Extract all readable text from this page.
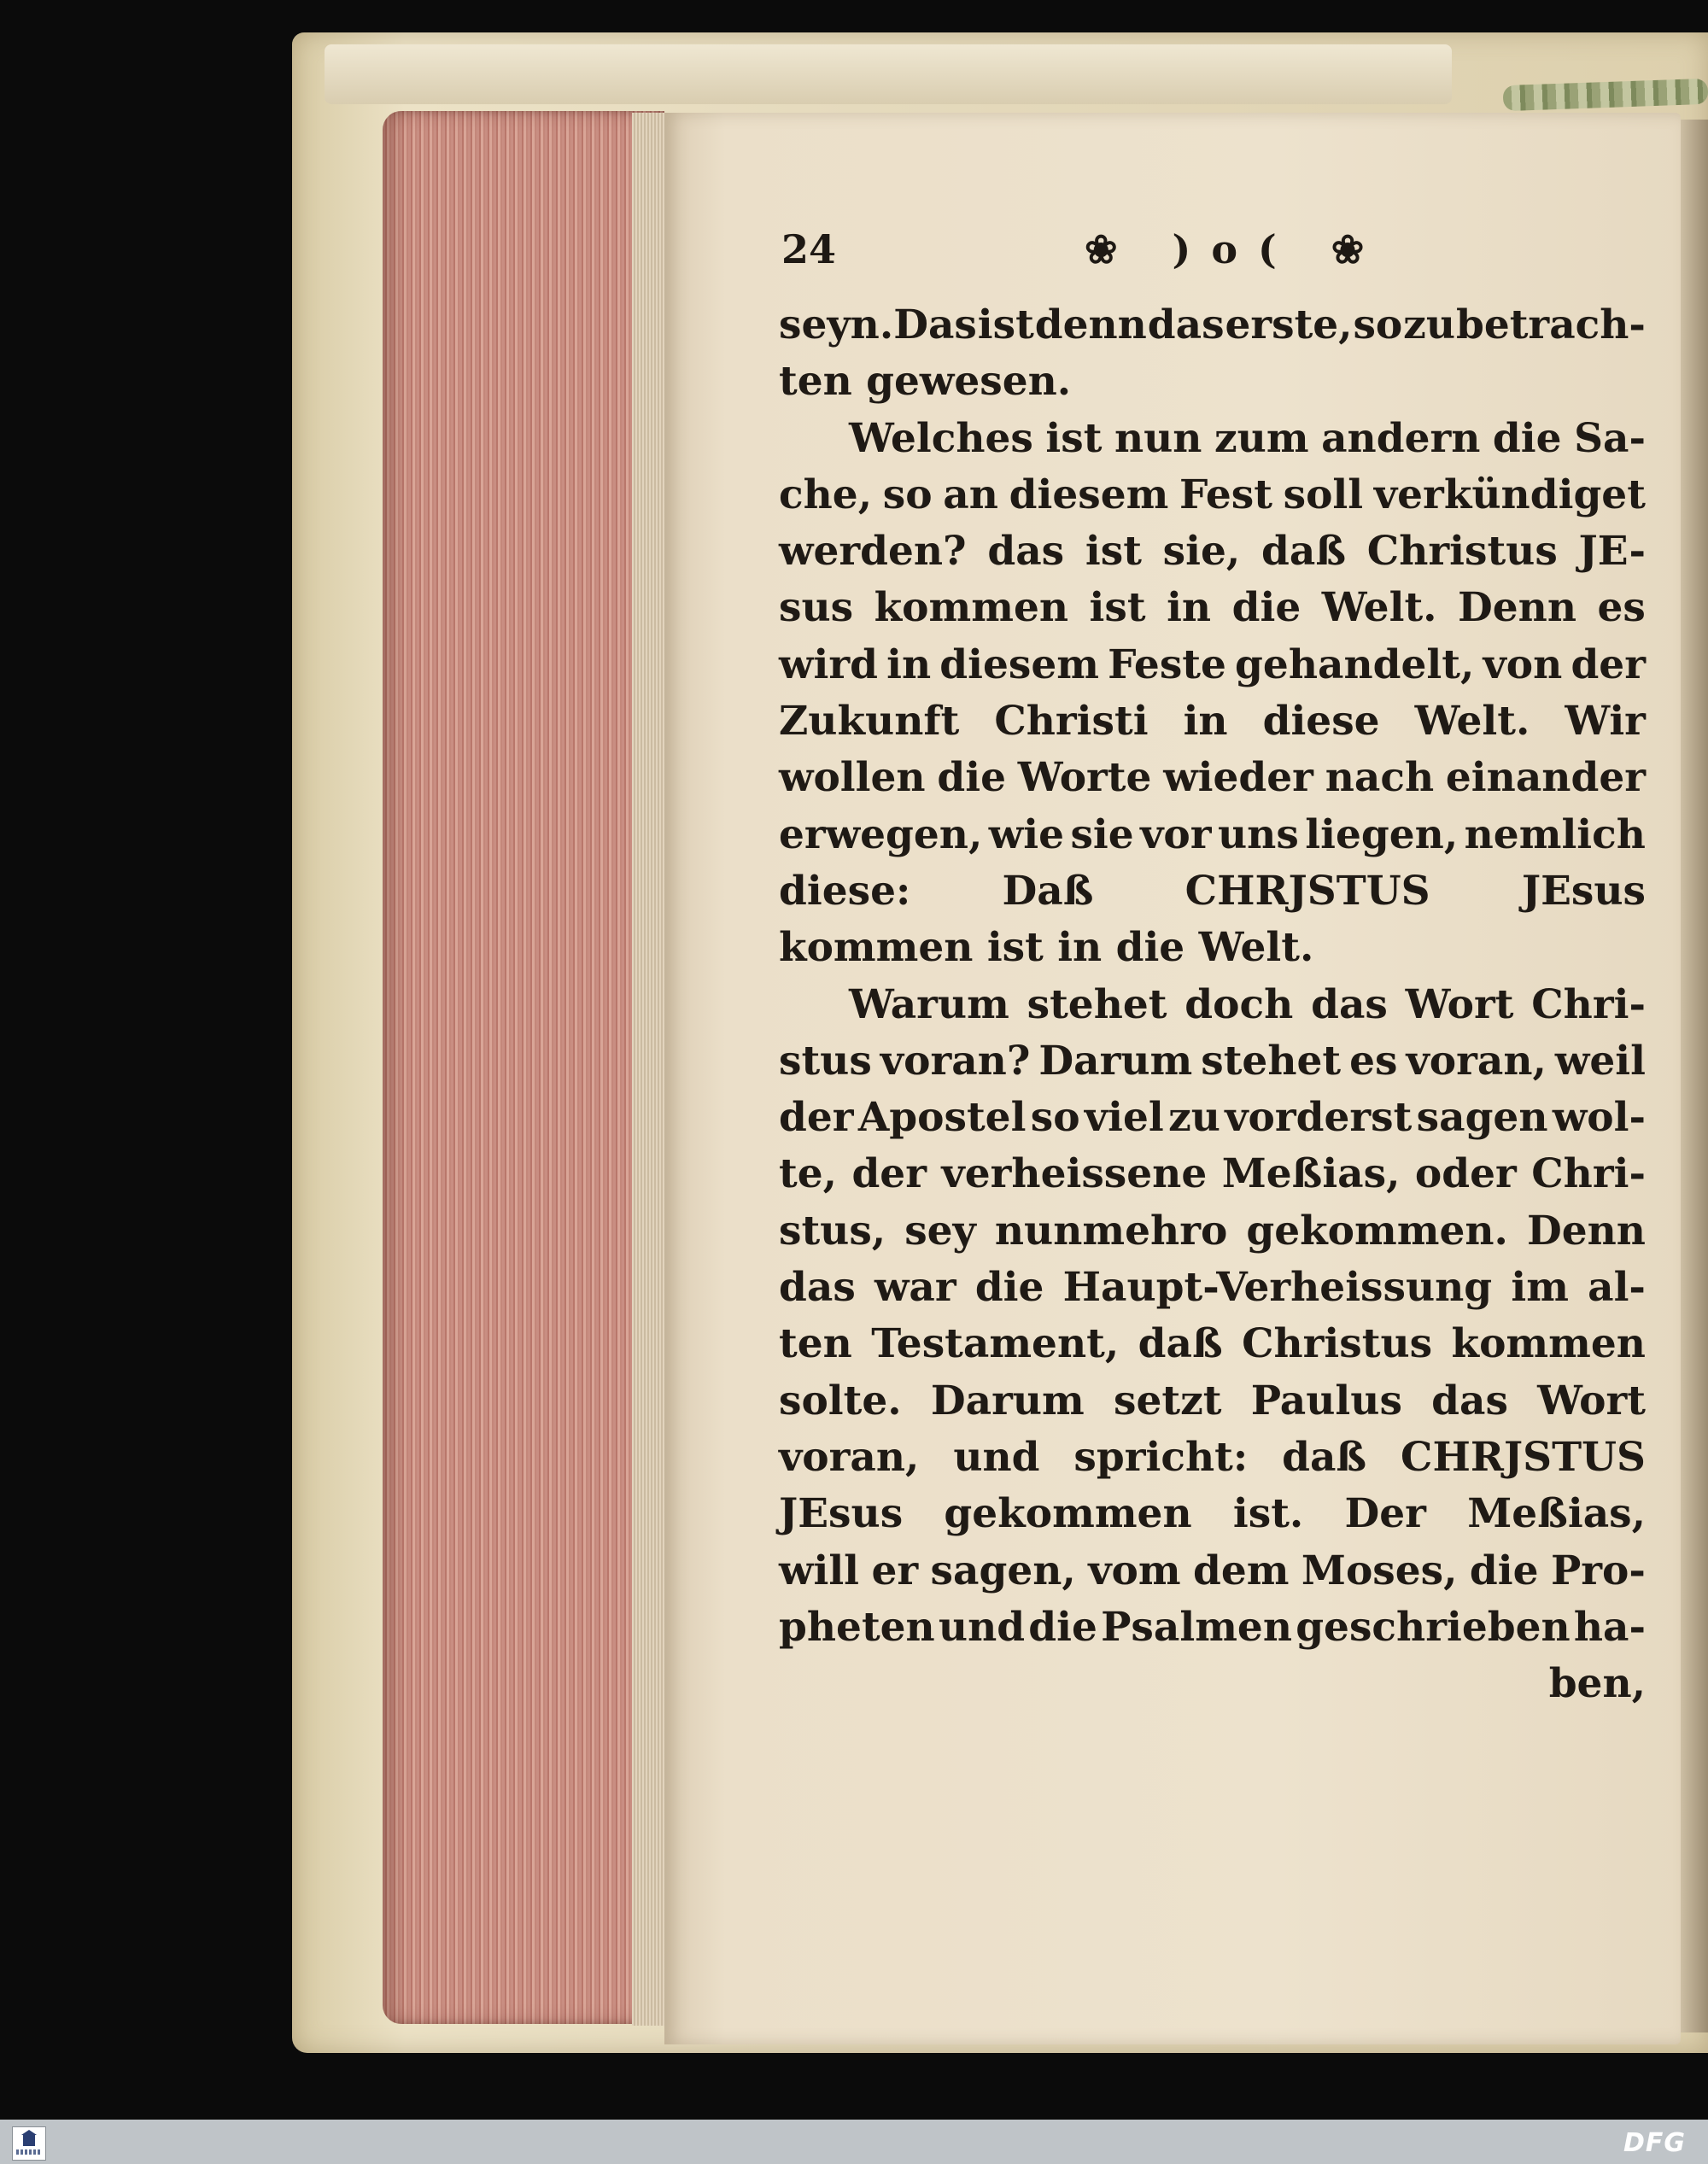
24	❀ )o( ❀
seyn.Das ist denn das erste, so zu betrach-
ten gewesen.
Welches ist nun zum andern die Sa-
che, so an diesem Fest soll verkündiget
werden? das ist sie, daß Christus JE-
sus kommen ist in die Welt. Denn es
wird in diesem Feste gehandelt, von der
Zukunft Christi in diese Welt. Wir
wollen die Worte wieder nach einander
erwegen, wie sie vor uns liegen, nemlich
diese: Daß CHRJSTUS JEsus
kommen ist in die Welt.
Warum stehet doch das Wort Chri-
stus voran? Darum stehet es voran, weil
der Apostel so viel zu vorderst sagen wol-
te, der verheissene Meßias, oder Chri-
stus, sey nunmehro gekommen. Denn
das war die Haupt-Verheissung im al-
ten Testament, daß Christus kommen
solte. Darum setzt Paulus das Wort
voran, und spricht: daß CHRJSTUS
JEsus gekommen ist. Der Meßias,
will er sagen, vom dem Moses, die Pro-
pheten und die Psalmen geschrieben ha-
ben,
DFG
